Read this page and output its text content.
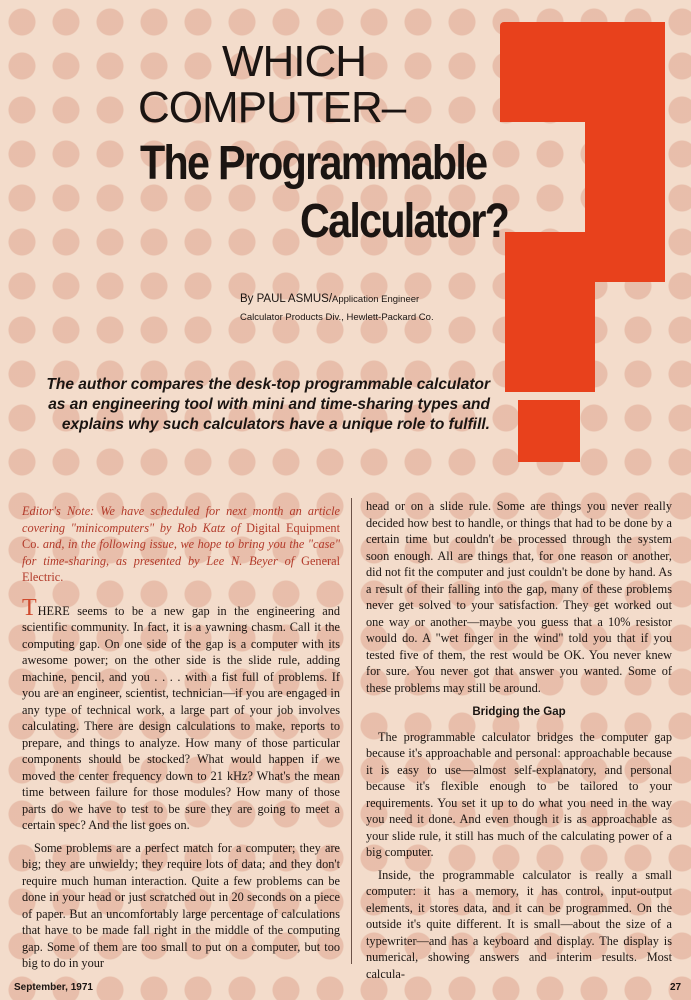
WHICH
COMPUTER–
The Programmable
Calculator?
By PAUL ASMUS/Application Engineer
Calculator Products Div., Hewlett-Packard Co.
The author compares the desk-top programmable calculator
as an engineering tool with mini and time-sharing types and
explains why such calculators have a unique role to fulfill.
Editor's Note: We have scheduled for next month an article covering "minicomputers" by Rob Katz of Digital Equipment Co. and, in the following issue, we hope to bring you the "case" for time-sharing, as presented by Lee N. Beyer of General Electric.

THERE seems to be a new gap in the engineering and scientific community. In fact, it is a yawning chasm. Call it the computing gap. On one side of the gap is a computer with its awesome power; on the other side is the slide rule, adding machine, pencil, and you . . . . with a fist full of problems. If you are an engineer, scientist, technician—if you are engaged in any type of technical work, a large part of your job involves calculating. There are design calculations to make, reports to prepare, and things to analyze. How many of those particular components should be stocked? What would happen if we moved the center frequency down to 21 kHz? What's the mean time between failure for those modules? How many of those parts do we have to test to be sure they are going to meet a certain spec? And the list goes on.

Some problems are a perfect match for a computer; they are big; they are unwieldy; they require lots of data; and they don't require much human interaction. Quite a few problems can be done in your head or just scratched out in 20 seconds on a piece of paper. But an uncomfortably large percentage of calculations that have to be made fall right in the middle of the computing gap. Some of them are too small to put on a computer, but too big to do in your

head or on a slide rule. Some are things you never really decided how best to handle, or things that had to be done by a certain time but couldn't be processed through the system soon enough. All are things that, for one reason or another, did not fit the computer and just couldn't be done by hand. As a result of their falling into the gap, many of these problems never get solved to your satisfaction. They get worked out one way or another—maybe you guess that a 10% resistor would do. A "wet finger in the wind" told you that if you tested five of them, the rest would be OK. You never knew for sure. You never got that answer you wanted. Some of these problems may still be around.

Bridging the Gap

The programmable calculator bridges the computer gap because it's approachable and personal: approachable because it is easy to use—almost self-explanatory, and personal because it's flexible enough to be tailored to your requirements. You set it up to do what you need in the way you need it done. And even though it is as approachable as your slide rule, it still has much of the calculating power of a big computer.

Inside, the programmable calculator is really a small computer: it has a memory, it has control, input-output elements, it stores data, and it can be programmed. On the outside it's quite different. It is small—about the size of a typewriter—and has a keyboard and display. The display is numerical, showing answers and interim results. Most calcula-

September, 1971	27
